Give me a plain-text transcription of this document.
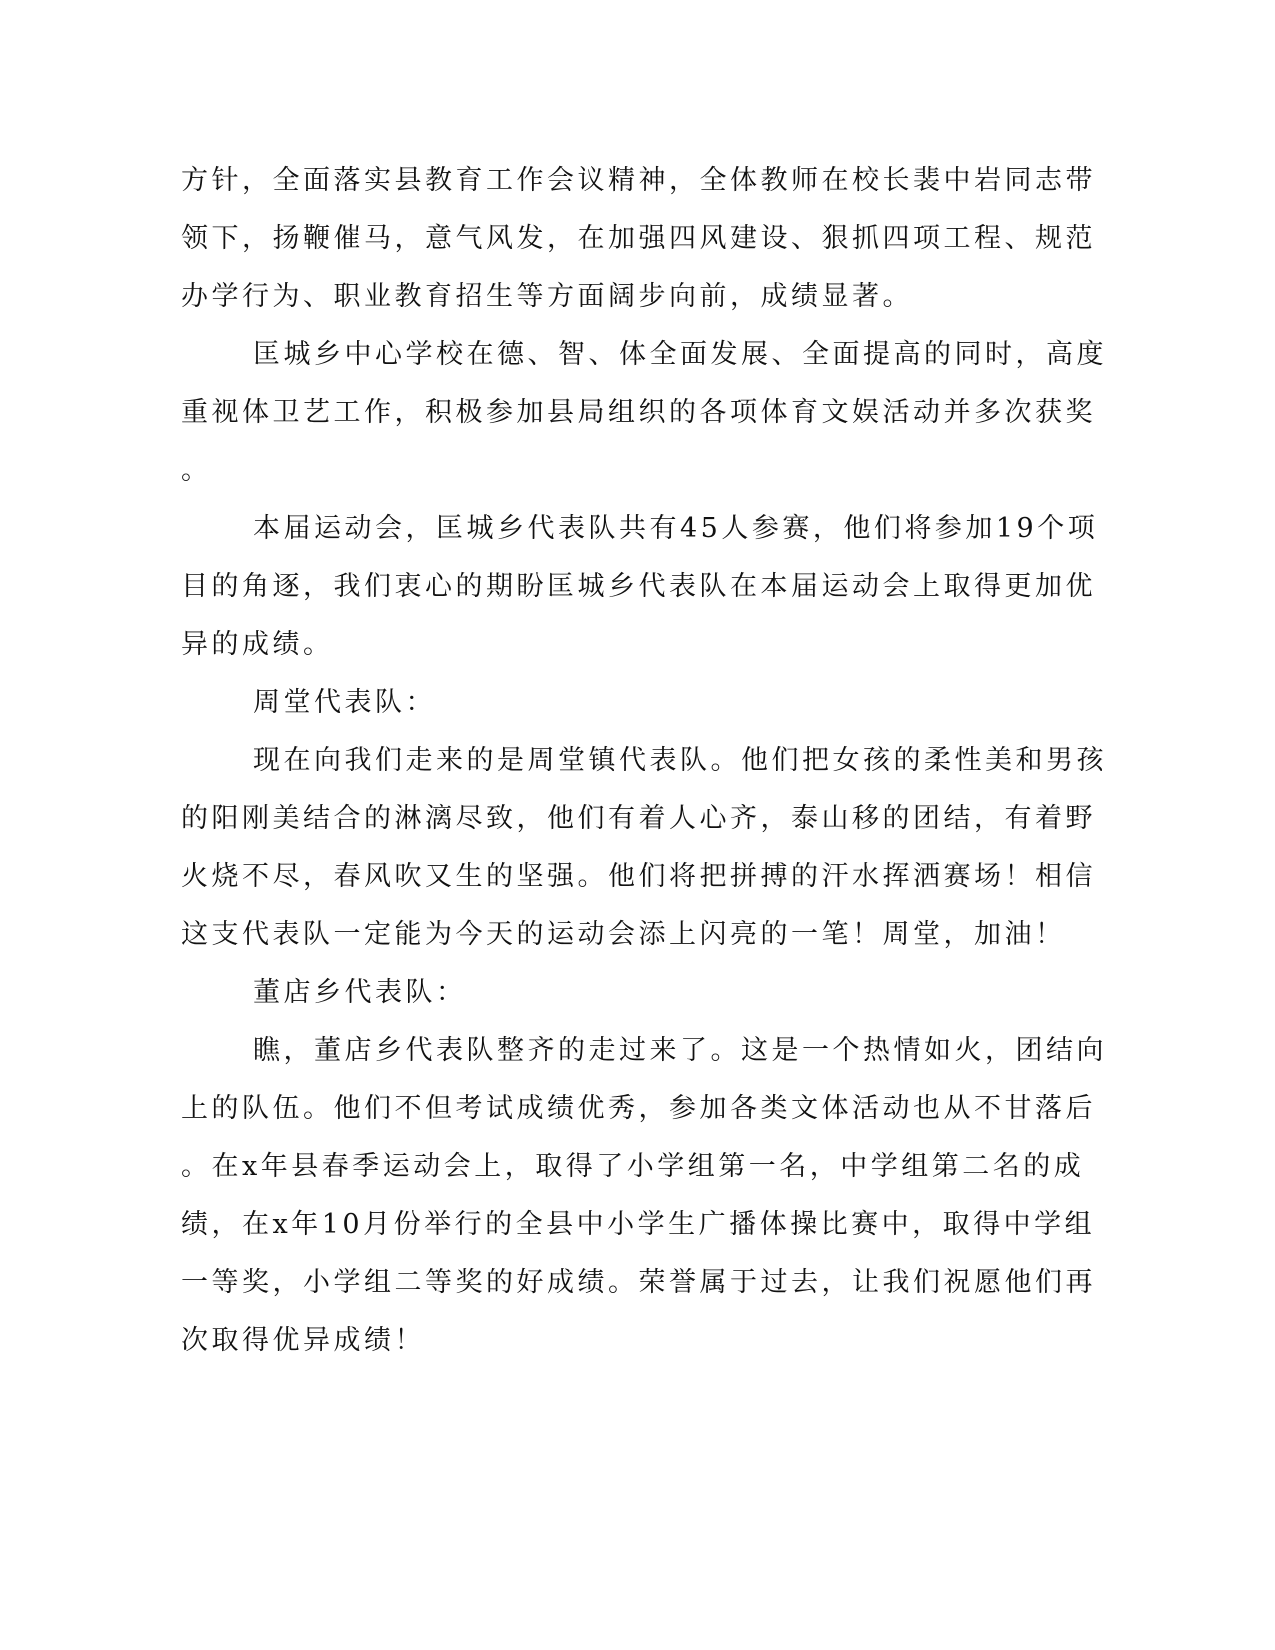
方针，全面落实县教育工作会议精神，全体教师在校长裴中岩同志带
领下，扬鞭催马，意气风发，在加强四风建设、狠抓四项工程、规范
办学行为、职业教育招生等方面阔步向前，成绩显著。
匡城乡中心学校在德、智、体全面发展、全面提高的同时，高度
重视体卫艺工作，积极参加县局组织的各项体育文娱活动并多次获奖
。
本届运动会，匡城乡代表队共有45人参赛，他们将参加19个项
目的角逐，我们衷心的期盼匡城乡代表队在本届运动会上取得更加优
异的成绩。
周堂代表队：
现在向我们走来的是周堂镇代表队。他们把女孩的柔性美和男孩
的阳刚美结合的淋漓尽致，他们有着人心齐，泰山移的团结，有着野
火烧不尽，春风吹又生的坚强。他们将把拼搏的汗水挥洒赛场！相信
这支代表队一定能为今天的运动会添上闪亮的一笔！周堂，加油！
董店乡代表队：
瞧，董店乡代表队整齐的走过来了。这是一个热情如火，团结向
上的队伍。他们不但考试成绩优秀，参加各类文体活动也从不甘落后
。在x年县春季运动会上，取得了小学组第一名，中学组第二名的成
绩，在x年10月份举行的全县中小学生广播体操比赛中，取得中学组
一等奖，小学组二等奖的好成绩。荣誉属于过去，让我们祝愿他们再
次取得优异成绩！
